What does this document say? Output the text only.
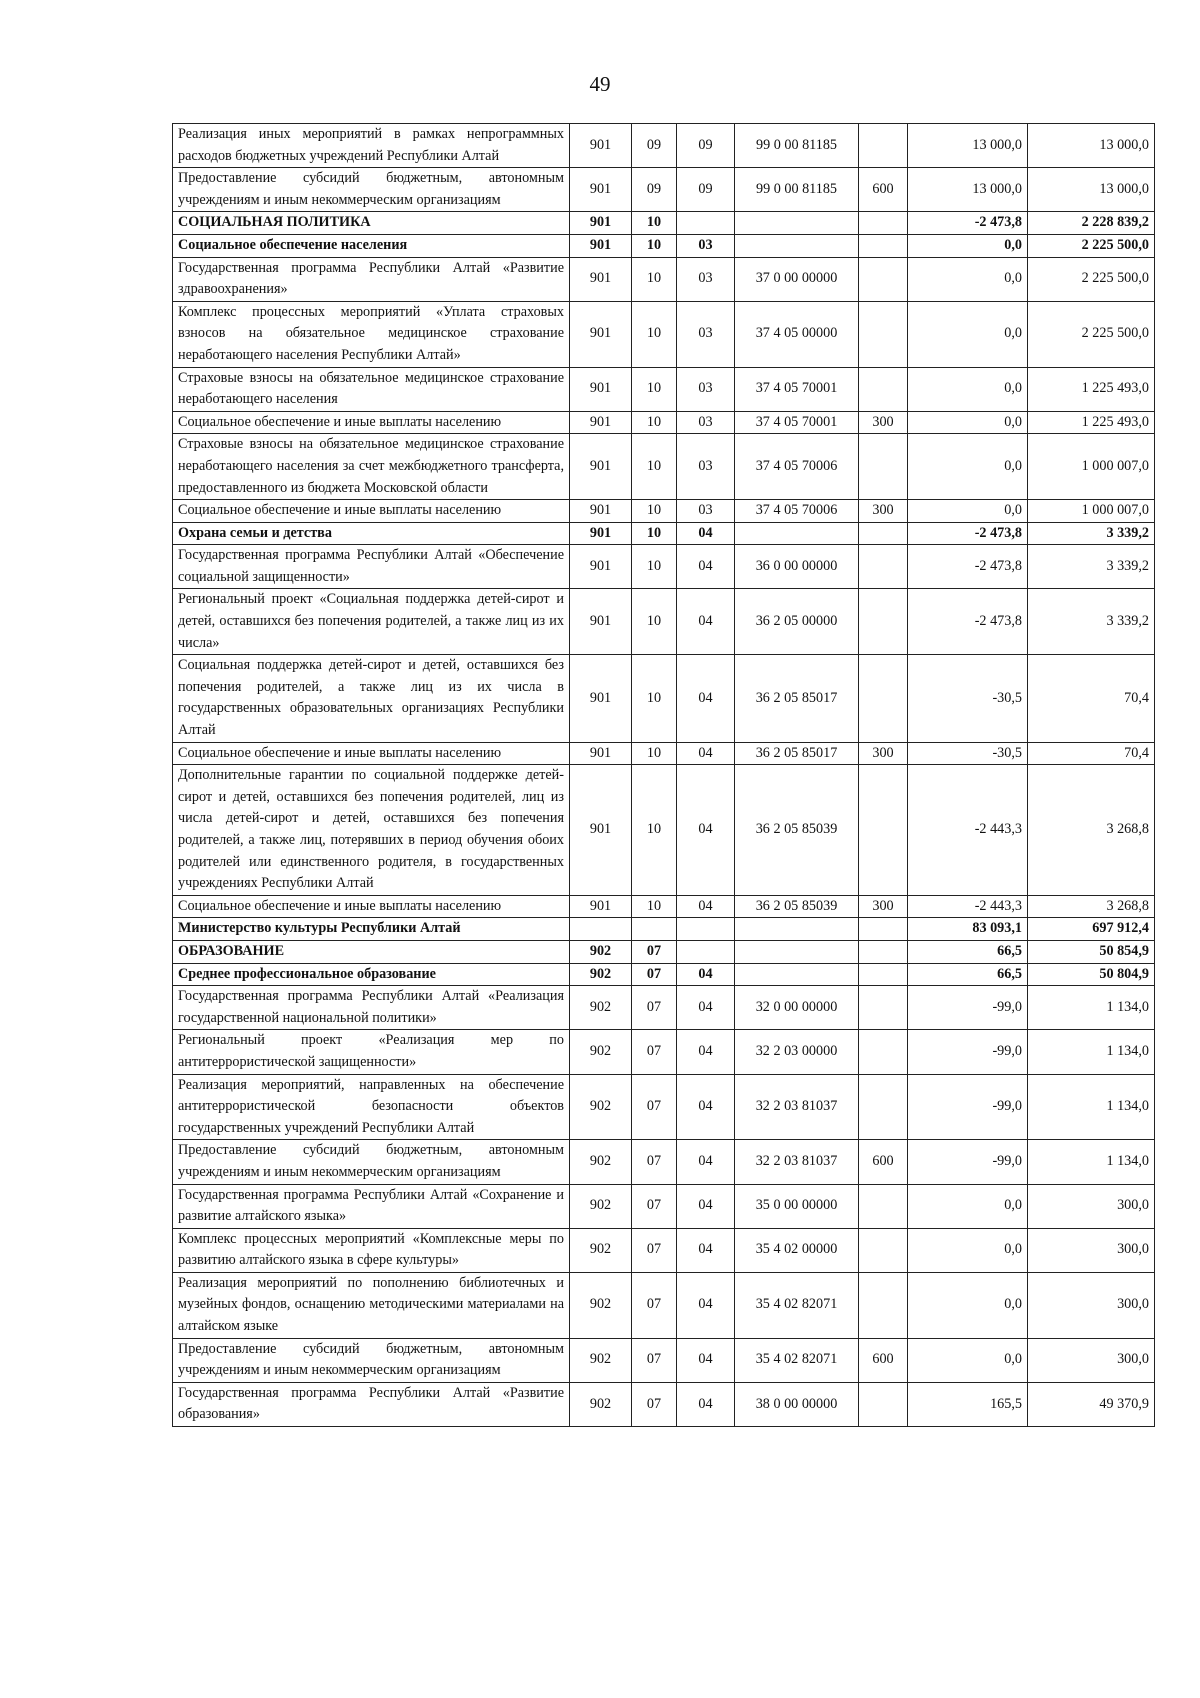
49
Реализация иных мероприятий в рамках непрограммных расходов бюджетных учреждений Республики Алтай	901	09	09	99 0 00 81185		13 000,0	13 000,0
Предоставление субсидий бюджетным, автономным учреждениям и иным некоммерческим организациям	901	09	09	99 0 00 81185	600	13 000,0	13 000,0
СОЦИАЛЬНАЯ ПОЛИТИКА	901	10				-2 473,8	2 228 839,2
Социальное обеспечение населения	901	10	03			0,0	2 225 500,0
Государственная программа Республики Алтай «Развитие здравоохранения»	901	10	03	37 0 00 00000		0,0	2 225 500,0
Комплекс процессных мероприятий «Уплата страховых взносов на обязательное медицинское страхование неработающего населения Республики Алтай»	901	10	03	37 4 05 00000		0,0	2 225 500,0
Страховые взносы на обязательное медицинское страхование неработающего населения	901	10	03	37 4 05 70001		0,0	1 225 493,0
Социальное обеспечение и иные выплаты населению	901	10	03	37 4 05 70001	300	0,0	1 225 493,0
Страховые взносы на обязательное медицинское страхование неработающего населения за счет межбюджетного трансферта, предоставленного из бюджета Московской области	901	10	03	37 4 05 70006		0,0	1 000 007,0
Социальное обеспечение и иные выплаты населению	901	10	03	37 4 05 70006	300	0,0	1 000 007,0
Охрана семьи и детства	901	10	04			-2 473,8	3 339,2
Государственная программа Республики Алтай «Обеспечение социальной защищенности»	901	10	04	36 0 00 00000		-2 473,8	3 339,2
Региональный проект «Социальная поддержка детей-сирот и детей, оставшихся без попечения родителей, а также лиц из их числа»	901	10	04	36 2 05 00000		-2 473,8	3 339,2
Социальная поддержка детей-сирот и детей, оставшихся без попечения родителей, а также лиц из их числа в государственных образовательных организациях Республики Алтай	901	10	04	36 2 05 85017		-30,5	70,4
Социальное обеспечение и иные выплаты населению	901	10	04	36 2 05 85017	300	-30,5	70,4
Дополнительные гарантии по социальной поддержке детей-сирот и детей, оставшихся без попечения родителей, лиц из числа детей-сирот и детей, оставшихся без попечения родителей, а также лиц, потерявших в период обучения обоих родителей или единственного родителя, в государственных учреждениях Республики Алтай	901	10	04	36 2 05 85039		-2 443,3	3 268,8
Социальное обеспечение и иные выплаты населению	901	10	04	36 2 05 85039	300	-2 443,3	3 268,8
Министерство культуры Республики Алтай						83 093,1	697 912,4
ОБРАЗОВАНИЕ	902	07				66,5	50 854,9
Среднее профессиональное образование	902	07	04			66,5	50 804,9
Государственная программа Республики Алтай «Реализация государственной национальной политики»	902	07	04	32 0 00 00000		-99,0	1 134,0
Региональный проект «Реализация мер по антитеррористической защищенности»	902	07	04	32 2 03 00000		-99,0	1 134,0
Реализация мероприятий, направленных на обеспечение антитеррористической безопасности объектов государственных учреждений Республики Алтай	902	07	04	32 2 03 81037		-99,0	1 134,0
Предоставление субсидий бюджетным, автономным учреждениям и иным некоммерческим организациям	902	07	04	32 2 03 81037	600	-99,0	1 134,0
Государственная программа Республики Алтай «Сохранение и развитие алтайского языка»	902	07	04	35 0 00 00000		0,0	300,0
Комплекс процессных мероприятий «Комплексные меры по развитию алтайского языка в сфере культуры»	902	07	04	35 4 02 00000		0,0	300,0
Реализация мероприятий по пополнению библиотечных и музейных фондов, оснащению методическими материалами на алтайском языке	902	07	04	35 4 02 82071		0,0	300,0
Предоставление субсидий бюджетным, автономным учреждениям и иным некоммерческим организациям	902	07	04	35 4 02 82071	600	0,0	300,0
Государственная программа Республики Алтай «Развитие образования»	902	07	04	38 0 00 00000		165,5	49 370,9
